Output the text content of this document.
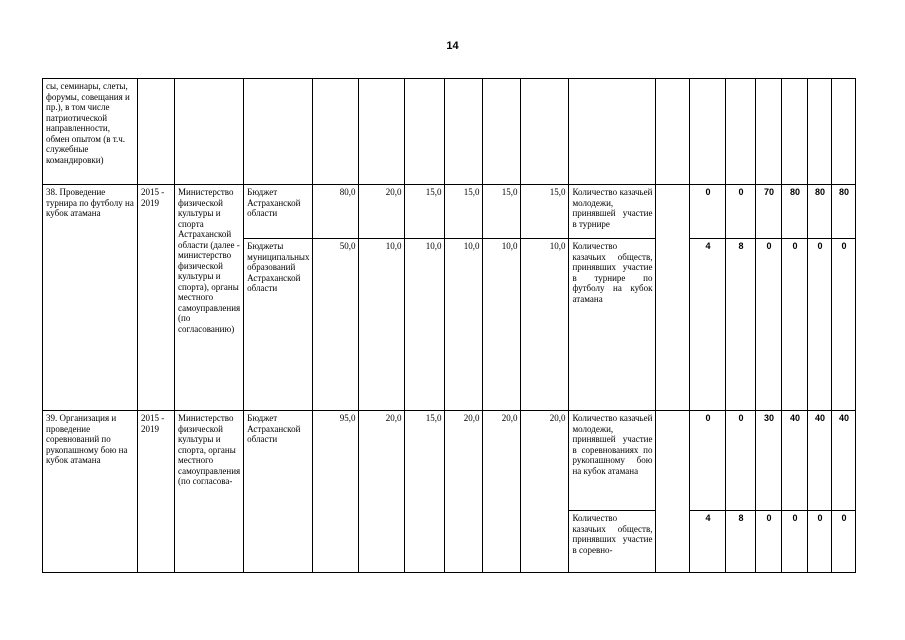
14
сы, семинары, слеты, форумы, совещания и пр.), в том числе патриотической направленности, обмен опытом (в т.ч. служебные командировки)																	
38. Проведение турнира по футболу на кубок атамана	2015 - 2019	Министерство физической культуры и спорта Астраханской области (далее - министерство физической культуры и спорта), органы местного самоуправления (по согласованию)	Бюджет Астраханской области	80,0	20,0	15,0	15,0	15,0	15,0	Количество казачьей молодежи, принявшей участие в турнире		0	0	70	80	80	80
			Бюджеты муниципальных образований Астраханской области	50,0	10,0	10,0	10,0	10,0	10,0	Количество казачьих обществ, принявших участие в турнире по футболу на кубок атамана		4	8	0	0	0	0
39. Организация и проведение соревнований по рукопашному бою на кубок атамана	2015 - 2019	Министерство физической культуры и спорта, органы местного самоуправления (по согласова-	Бюджет Астраханской области	95,0	20,0	15,0	20,0	20,0	20,0	Количество казачьей молодежи, принявшей участие в соревнованиях по рукопашному бою на кубок атамана		0	0	30	40	40	40
										Количество казачьих обществ, принявших участие в соревно-		4	8	0	0	0	0
